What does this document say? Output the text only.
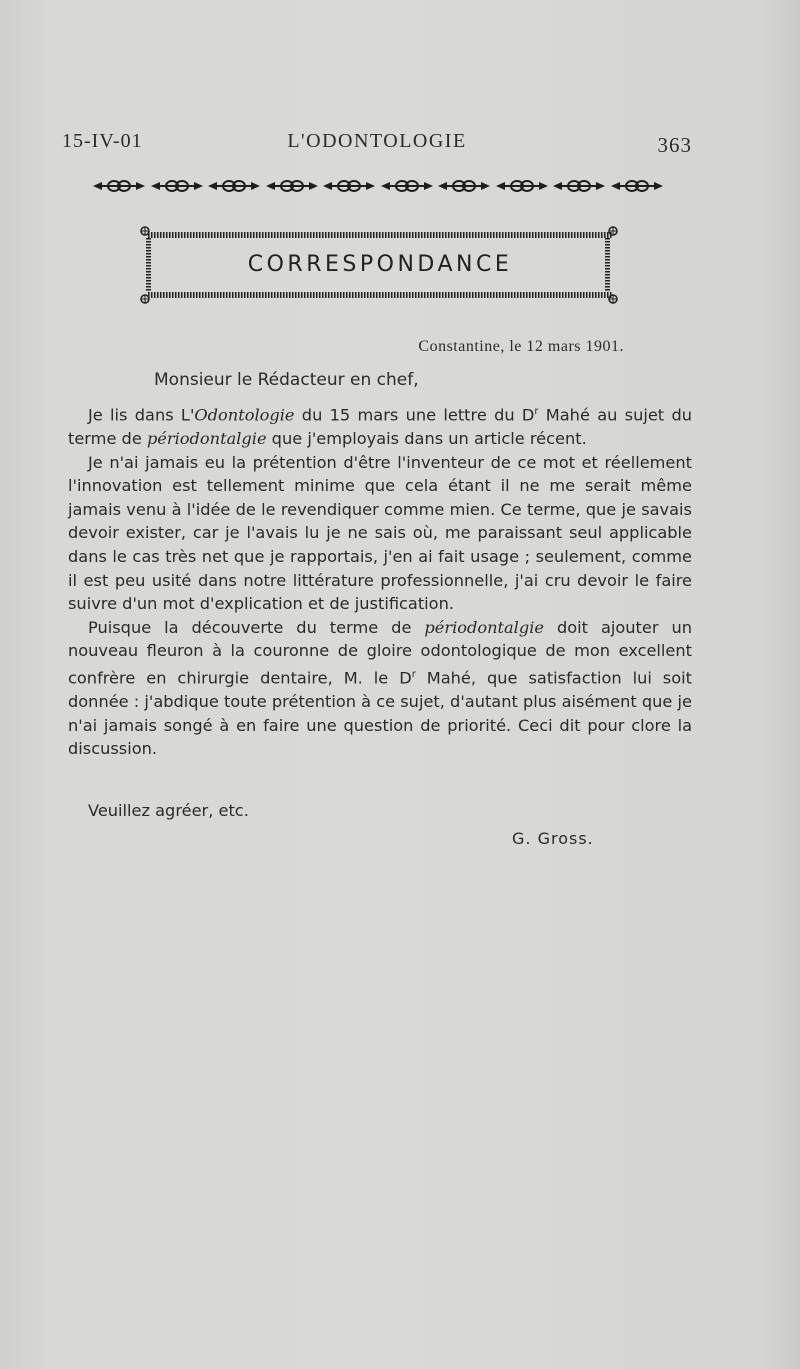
15-IV-01	L'ODONTOLOGIE	363
CORRESPONDANCE
Constantine, le 12 mars 1901.
Monsieur le Rédacteur en chef,

Je lis dans L'Odontologie du 15 mars une lettre du $D^r$ Mahé au sujet du terme de périodontalgie que j'employais dans un article récent.

Je n'ai jamais eu la prétention d'être l'inventeur de ce mot et réellement l'innovation est tellement minime que cela étant il ne me serait même jamais venu à l'idée de le revendiquer comme mien. Ce terme, que je savais devoir exister, car je l'avais lu je ne sais où, me paraissant seul applicable dans le cas très net que je rapportais, j'en ai fait usage ; seulement, comme il est peu usité dans notre littérature professionnelle, j'ai cru devoir le faire suivre d'un mot d'explication et de justification.

Puisque la découverte du terme de périodontalgie doit ajouter un nouveau fleuron à la couronne de gloire odontologique de mon excellent confrère en chirurgie dentaire, M. le $D^r$ Mahé, que satisfaction lui soit donnée : j'abdique toute prétention à ce sujet, d'autant plus aisément que je n'ai jamais songé à en faire une question de priorité. Ceci dit pour clore la discussion.

Veuillez agréer, etc.
G. Gross.
